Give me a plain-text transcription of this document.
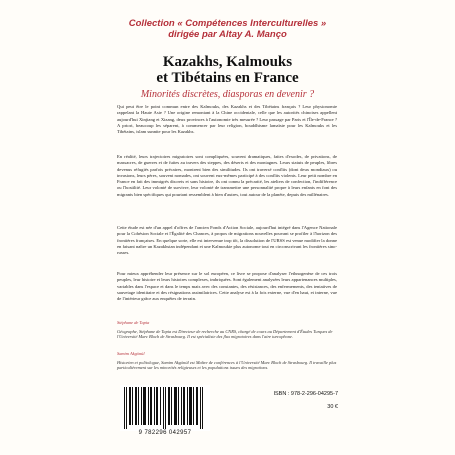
Collection « Compétences Interculturelles »
dirigée par Altay A. Manço
Kazakhs, Kalmouks
et Tibétains en France
Minorités discrètes, diasporas en devenir ?

Qui peut être le point commun entre des Kalmouks, des Kazakhs et des Tibétains français ? Leur physionomie rappelant la Haute Asie ? Une origine remontant à la Chine occidentale, celle que les autorités chinoises appellent aujourd'hui Xinjiang et Xizang, deux provinces à l'autonomie très mesurée ? Leur passage par Paris et l'Île-de-France ? A priori, beaucoup les séparent, à commencer par leur religion, bouddhisme lamaïste pour les Kalmouks et les Tibétains, islam sunnite pour les Kazakhs.

En réalité, leurs trajectoires migratoires sont compliquées, souvent dramatiques, faites d'exodes, de privations, de massacres, de guerres et de fuites au travers des steppes, des déserts et des montagnes. Leurs statuts de peuples, libres devenus réfugiés parfois précaires, montrent bien des similitudes. Ils ont traversé conflits (dont deux mondiaux) ou invasions, leurs pères, souvent nomades, ont souvent eux-mêmes participé à des conflits violents. Leur petit nombre en France en fait des immigrés discrets et sans histoire, ils ont connu la précarité, les ateliers de confection, l'indifférence ou l'hostilité. Leur volonté de survivre, leur volonté de transmettre une personnalité propre à leurs enfants en font des migrants bien spécifiques qui pourtant ressemblent à bien d'autres, tout autour de la planète, depuis des millénaires.

Cette étude est née d'un appel d'offres de l'ancien Fonds d'Action Sociale, aujourd'hui intégré dans l'Agence Nationale pour la Cohésion Sociale et l'Égalité des Chances, à propos de migrations nouvelles pouvant se profiler à l'horizon des frontières françaises. En quelque sorte, elle est intervenue trop tôt, la dissolution de l'URSS est venue modifier la donne en faisant naître un Kazakhstan indépendant et une Kalmoukie plus autonome tout en circonscrivant les frontières sino-russes.

Pour mieux appréhender leur présence sur le sol européen, ce livre se propose d'analyser l'ethnogenèse de ces trois peuples, leur histoire et leurs histoires complexes, imbriquées. Sont également analysées leurs appartenances multiples, variables dans l'espace et dans le temps mais avec des constantes, des résistances, des enfermements, des tentatives de sauvetage identitaire et des résignations assimilatrices. Cette analyse est à la fois externe, vue d'en haut, et interne, vue de l'intérieur grâce aux enquêtes de terrain.

Stéphane de Tapia
Géographe, Stéphane de Tapia est Directeur de recherche au CNRS, chargé de cours au Département d'Études Turques de l'Université Marc Bloch de Strasbourg. Il est spécialiste des flux migratoires dans l'aire turcophone.
Samim Akgönül
Historien et politologue, Samim Akgönül est Maître de conférences à l'Université Marc Bloch de Strasbourg. Il travaille plus particulièrement sur les minorités religieuses et les populations issues des migrations.
9 782296 042957
ISBN : 978-2-296-04295-7
30 €
